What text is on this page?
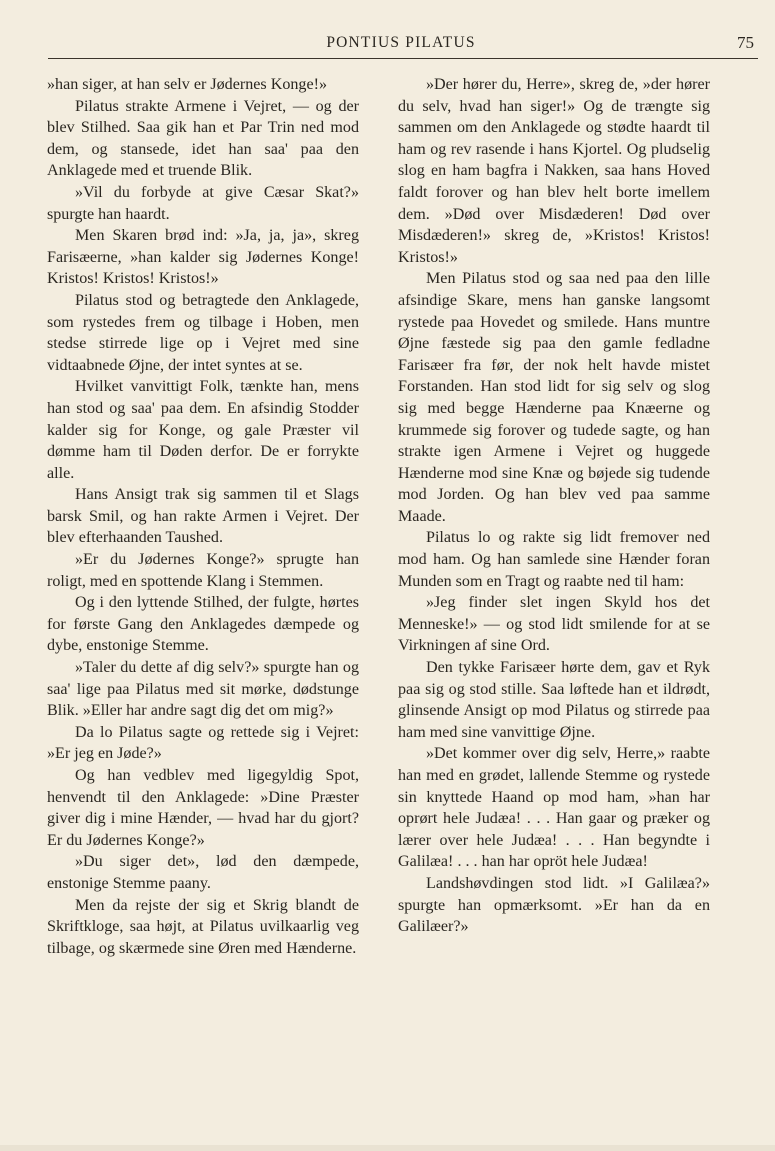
PONTIUS PILATUS	75

»han siger, at han selv er Jødernes Konge!»

Pilatus strakte Armene i Vejret, — og der blev Stilhed. Saa gik han et Par Trin ned mod dem, og stansede, idet han saa' paa den Anklagede med et truende Blik.

»Vil du forbyde at give Cæsar Skat?» spurgte han haardt.

Men Skaren brød ind: »Ja, ja, ja», skreg Farisæerne, »han kalder sig Jødernes Konge! Kristos! Kristos! Kristos!»

Pilatus stod og betragtede den Anklagede, som rystedes frem og tilbage i Hoben, men stedse stirrede lige op i Vejret med sine vidtaabnede Øjne, der intet syntes at se.

Hvilket vanvittigt Folk, tænkte han, mens han stod og saa' paa dem. En afsindig Stodder kalder sig for Konge, og gale Præster vil dømme ham til Døden derfor. De er forrykte alle.

Hans Ansigt trak sig sammen til et Slags barsk Smil, og han rakte Armen i Vejret. Der blev efterhaanden Taushed.

»Er du Jødernes Konge?» sprugte han roligt, med en spottende Klang i Stemmen.

Og i den lyttende Stilhed, der fulgte, hørtes for første Gang den Anklagedes dæmpede og dybe, enstonige Stemme.

»Taler du dette af dig selv?» spurgte han og saa' lige paa Pilatus med sit mørke, dødstunge Blik. »Eller har andre sagt dig det om mig?»

Da lo Pilatus sagte og rettede sig i Vejret: »Er jeg en Jøde?»

Og han vedblev med ligegyldig Spot, henvendt til den Anklagede: »Dine Præster giver dig i mine Hænder, — hvad har du gjort? Er du Jødernes Konge?»

»Du siger det», lød den dæmpede, enstonige Stemme paany.

Men da rejste der sig et Skrig blandt de Skriftkloge, saa højt, at Pilatus uvilkaarlig veg tilbage, og skærmede sine Øren med Hænderne.

»Der hører du, Herre», skreg de, »der hører du selv, hvad han siger!» Og de trængte sig sammen om den Anklagede og stødte haardt til ham og rev rasende i hans Kjortel. Og pludselig slog en ham bagfra i Nakken, saa hans Hoved faldt forover og han blev helt borte imellem dem. »Død over Misdæderen! Død over Misdæderen!» skreg de, »Kristos! Kristos! Kristos!»

Men Pilatus stod og saa ned paa den lille afsindige Skare, mens han ganske langsomt rystede paa Hovedet og smilede. Hans muntre Øjne fæstede sig paa den gamle fedladne Farisæer fra før, der nok helt havde mistet Forstanden. Han stod lidt for sig selv og slog sig med begge Hænderne paa Knæerne og krummede sig forover og tudede sagte, og han strakte igen Armene i Vejret og huggede Hænderne mod sine Knæ og bøjede sig tudende mod Jorden. Og han blev ved paa samme Maade.

Pilatus lo og rakte sig lidt fremover ned mod ham. Og han samlede sine Hænder foran Munden som en Tragt og raabte ned til ham:

»Jeg finder slet ingen Skyld hos det Menneske!» — og stod lidt smilende for at se Virkningen af sine Ord.

Den tykke Farisæer hørte dem, gav et Ryk paa sig og stod stille. Saa løftede han et ildrødt, glinsende Ansigt op mod Pilatus og stirrede paa ham med sine vanvittige Øjne.

»Det kommer over dig selv, Herre,» raabte han med en grødet, lallende Stemme og rystede sin knyttede Haand op mod ham, »han har oprørt hele Judæa! . . . Han gaar og præker og lærer over hele Judæa! . . . Han begyndte i Galilæa! . . . han har opröt hele Judæa!

Landshøvdingen stod lidt. »I Galilæa?» spurgte han opmærksomt. »Er han da en Galilæer?»
